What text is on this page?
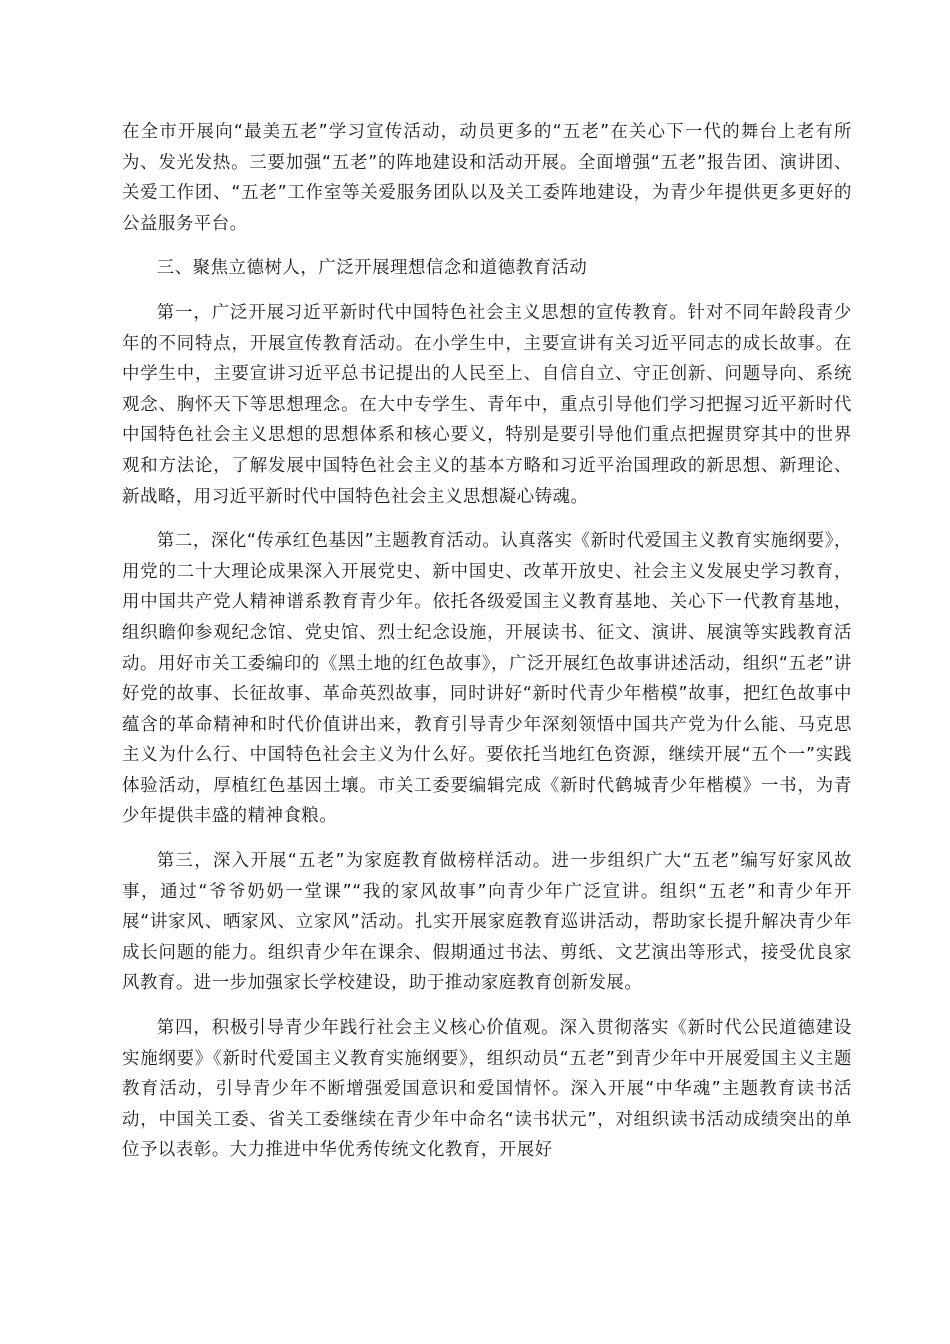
在全市开展向“最美五老”学习宣传活动，动员更多的“五老”在关心下一代的舞台上老有所为、发光发热。三要加强“五老”的阵地建设和活动开展。全面增强“五老”报告团、演讲团、关爱工作团、“五老”工作室等关爱服务团队以及关工委阵地建设，为青少年提供更多更好的公益服务平台。

三、聚焦立德树人，广泛开展理想信念和道德教育活动

第一，广泛开展习近平新时代中国特色社会主义思想的宣传教育。针对不同年龄段青少年的不同特点，开展宣传教育活动。在小学生中，主要宣讲有关习近平同志的成长故事。在中学生中，主要宣讲习近平总书记提出的人民至上、自信自立、守正创新、问题导向、系统观念、胸怀天下等思想理念。在大中专学生、青年中，重点引导他们学习把握习近平新时代中国特色社会主义思想的思想体系和核心要义，特别是要引导他们重点把握贯穿其中的世界观和方法论，了解发展中国特色社会主义的基本方略和习近平治国理政的新思想、新理论、新战略，用习近平新时代中国特色社会主义思想凝心铸魂。

第二，深化“传承红色基因”主题教育活动。认真落实《新时代爱国主义教育实施纲要》，用党的二十大理论成果深入开展党史、新中国史、改革开放史、社会主义发展史学习教育，用中国共产党人精神谱系教育青少年。依托各级爱国主义教育基地、关心下一代教育基地，组织瞻仰参观纪念馆、党史馆、烈士纪念设施，开展读书、征文、演讲、展演等实践教育活动。用好市关工委编印的《黑土地的红色故事》，广泛开展红色故事讲述活动，组织“五老”讲好党的故事、长征故事、革命英烈故事，同时讲好“新时代青少年楷模”故事，把红色故事中蕴含的革命精神和时代价值讲出来，教育引导青少年深刻领悟中国共产党为什么能、马克思主义为什么行、中国特色社会主义为什么好。要依托当地红色资源，继续开展“五个一”实践体验活动，厚植红色基因土壤。市关工委要编辑完成《新时代鹤城青少年楷模》一书，为青少年提供丰盛的精神食粮。

第三，深入开展“五老”为家庭教育做榜样活动。进一步组织广大“五老”编写好家风故事，通过“爷爷奶奶一堂课”“我的家风故事”向青少年广泛宣讲。组织“五老”和青少年开展“讲家风、晒家风、立家风”活动。扎实开展家庭教育巡讲活动，帮助家长提升解决青少年成长问题的能力。组织青少年在课余、假期通过书法、剪纸、文艺演出等形式，接受优良家风教育。进一步加强家长学校建设，助于推动家庭教育创新发展。

第四，积极引导青少年践行社会主义核心价值观。深入贯彻落实《新时代公民道德建设实施纲要》《新时代爱国主义教育实施纲要》，组织动员“五老”到青少年中开展爱国主义主题教育活动，引导青少年不断增强爱国意识和爱国情怀。深入开展“中华魂”主题教育读书活动，中国关工委、省关工委继续在青少年中命名“读书状元”，对组织读书活动成绩突出的单位予以表彰。大力推进中华优秀传统文化教育，开展好
